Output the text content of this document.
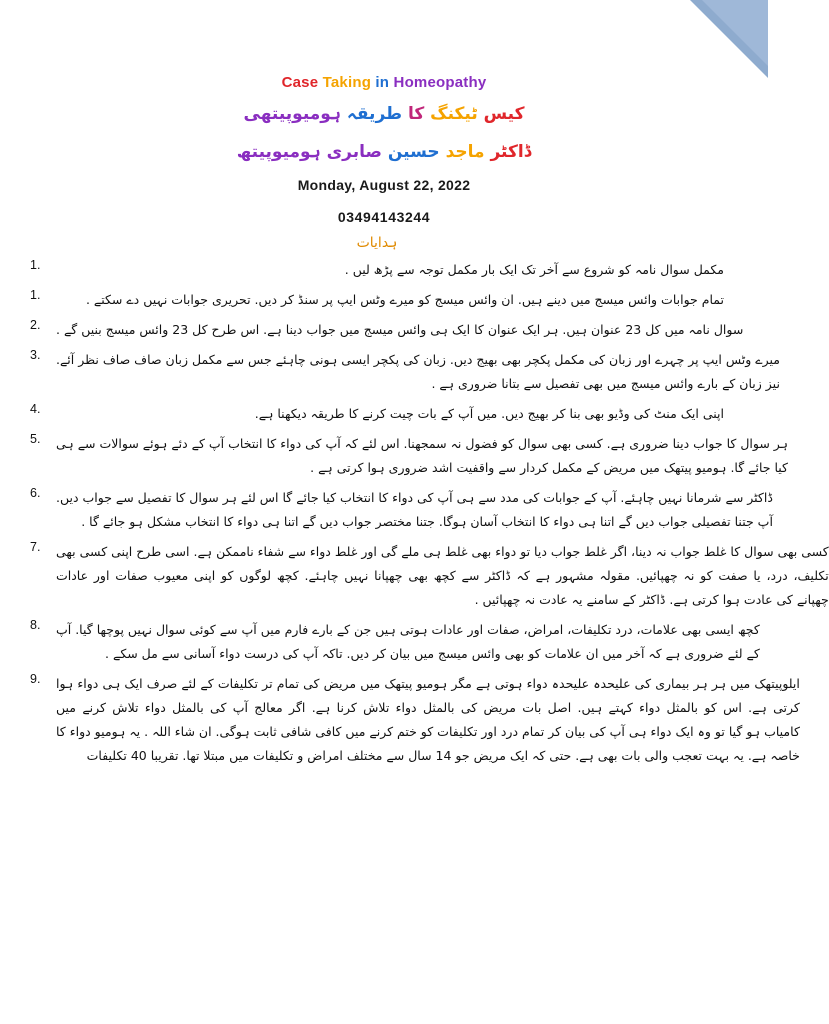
1
Case Taking in Homeopathy
کیس ٹیکنگ کا طریقہ ہومیوپیتھی
ڈاکٹر ماجد حسین صابری ہومیوپیتھ
Monday, August 22, 2022
03494143244
ہدایات
1.	مکمل سوال نامہ کو شروع سے آخر تک ایک بار مکمل توجہ سے پڑھ لیں .
1.	تمام جوابات وائس میسج میں دینے ہیں. ان وائس میسج کو میرے وٹس ایپ پر سنڈ کر دیں. تحریری جوابات نہیں دے سکتے .
2.	سوال نامہ میں کل 23 عنوان ہیں. ہر ایک عنوان کا ایک ہی وائس میسج میں جواب دینا ہے. اس طرح کل 23 وائس میسج بنیں گے .
3.	میرے وٹس ایپ پر چہرے اور زبان کی مکمل پکچر بھی بھیج دیں. زبان کی پکچر ایسی ہونی چاہئے جس سے مکمل زبان صاف صاف نظر آئے.
نیز زبان کے بارے وائس میسج میں بھی تفصیل سے بتانا ضروری ہے .
4.	اپنی ایک منٹ کی وڈیو بھی بنا کر بھیج دیں. میں آپ کے بات چیت کرنے کا طریقہ دیکھنا ہے.
5.	ہر سوال کا جواب دینا ضروری ہے. کسی بھی سوال کو فضول نہ سمجھنا. اس لئے کہ آپ کی دواء کا انتخاب آپ کے دئے ہوئے سوالات سے ہی
کیا جائے گا. ہومیو پیتھک میں مریض کے مکمل کردار سے واقفیت اشد ضروری ہوا کرتی ہے .
6.	ڈاکٹر سے شرمانا نہیں چاہئے. آپ کے جوابات کی مدد سے ہی آپ کی دواء کا انتخاب کیا جائے گا اس لئے ہر سوال کا تفصیل سے جواب دیں.
آپ جتنا تفصیلی جواب دیں گے اتنا ہی دواء کا انتخاب آسان ہوگا. جتنا مختصر جواب دیں گے اتنا ہی دواء کا انتخاب مشکل ہو جائے گا .
7.	کسی بھی سوال کا غلط جواب نہ دینا، اگر غلط جواب دیا تو دواء بھی غلط ہی ملے گی اور غلط دواء سے شفاء ناممکن ہے. اسی طرح اپنی کسی بھی
تکلیف، درد، یا صفت کو نہ چھپائیں. مقولہ مشہور ہے کہ ڈاکٹر سے کچھ بھی چھپانا نہیں چاہئے. کچھ لوگوں کو اپنی معیوب صفات اور عادات
چھپانے کی عادت ہوا کرتی ہے. ڈاکٹر کے سامنے یہ عادت نہ چھپائیں .
8.	کچھ ایسی بھی علامات، درد تکلیفات، امراض، صفات اور عادات ہوتی ہیں جن کے بارے فارم میں آپ سے کوئی سوال نہیں پوچھا گیا. آپ
کے لئے ضروری ہے کہ آخر میں ان علامات کو بھی وائس میسج میں بیان کر دیں. تاکہ آپ کی درست دواء آسانی سے مل سکے .
9.	ایلوپیتھک میں ہر ہر بیماری کی علیحدہ علیحدہ دواء ہوتی ہے مگر ہومیو پیتھک میں مریض کی تمام تر تکلیفات کے لئے صرف ایک ہی دواء ہوا
کرتی ہے. اس کو بالمثل دواء کہتے ہیں. اصل بات مریض کی بالمثل دواء تلاش کرنا ہے. اگر معالج آپ کی بالمثل دواء تلاش کرنے میں
کامیاب ہو گیا تو وہ ایک دواء ہی آپ کی بیان کر تمام درد اور تکلیفات کو ختم کرنے میں کافی شافی ثابت ہوگی. ان شاء اللہ . یہ ہومیو دواء کا
خاصہ ہے. یہ بہت تعجب والی بات بھی ہے. حتی کہ ایک مریض جو 14 سال سے مختلف امراض و تکلیفات میں مبتلا تھا. تقریبا 40 تکلیفات
